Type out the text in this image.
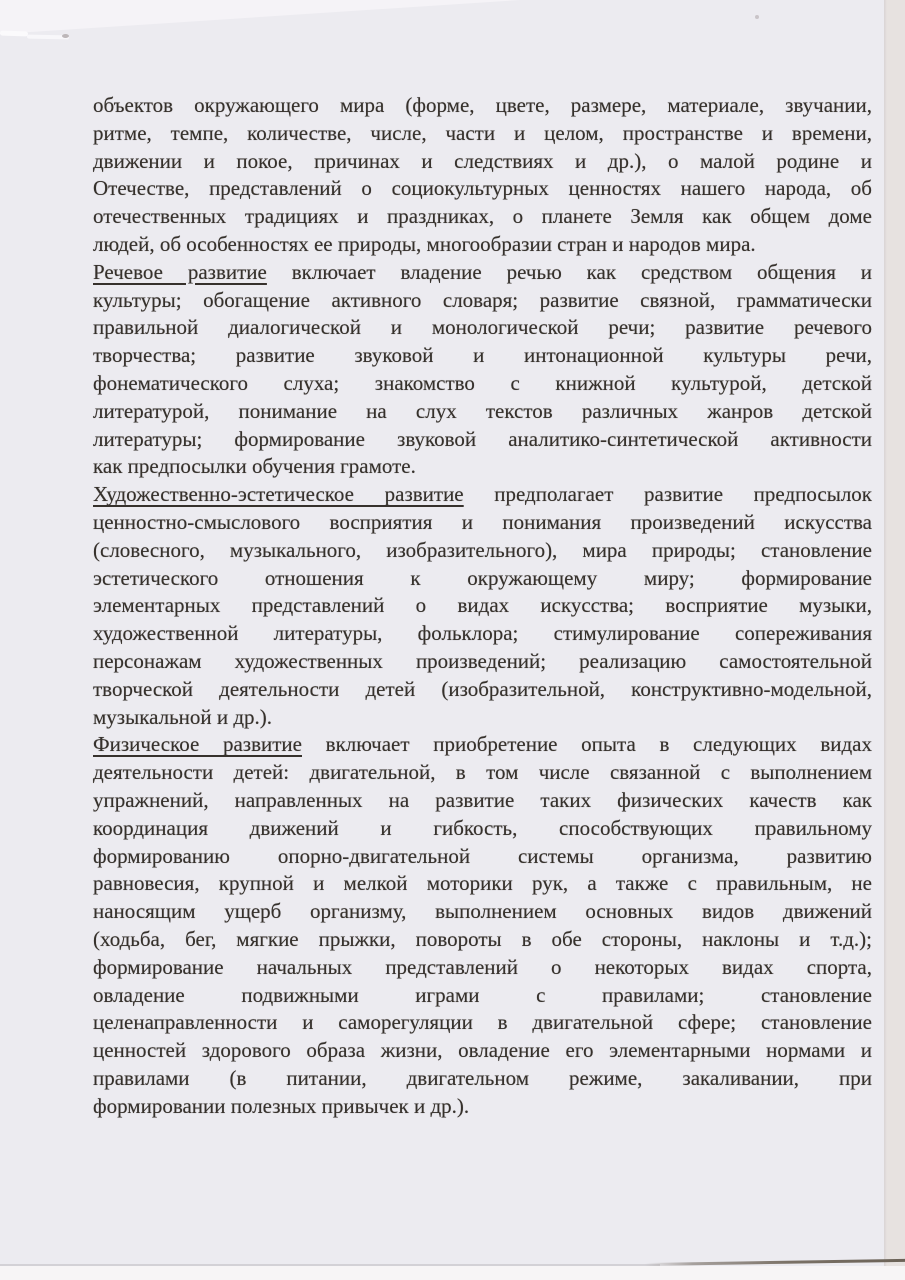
объектов окружающего мира (форме, цвете, размере, материале, звучании,
ритме, темпе, количестве, числе, части и целом, пространстве и времени,
движении и покое, причинах и следствиях и др.), о малой родине и
Отечестве, представлений о социокультурных ценностях нашего народа, об
отечественных традициях и праздниках, о планете Земля как общем доме
людей, об особенностях ее природы, многообразии стран и народов мира.
Речевое развитие включает владение речью как средством общения и
культуры; обогащение активного словаря; развитие связной, грамматически
правильной диалогической и монологической речи; развитие речевого
творчества; развитие звуковой и интонационной культуры речи,
фонематического слуха; знакомство с книжной культурой, детской
литературой, понимание на слух текстов различных жанров детской
литературы; формирование звуковой аналитико-синтетической активности
как предпосылки обучения грамоте.
Художественно-эстетическое развитие предполагает развитие предпосылок
ценностно-смыслового восприятия и понимания произведений искусства
(словесного, музыкального, изобразительного), мира природы; становление
эстетического отношения к окружающему миру; формирование
элементарных представлений о видах искусства; восприятие музыки,
художественной литературы, фольклора; стимулирование сопереживания
персонажам художественных произведений; реализацию самостоятельной
творческой деятельности детей (изобразительной, конструктивно-модельной,
музыкальной и др.).
Физическое развитие включает приобретение опыта в следующих видах
деятельности детей: двигательной, в том числе связанной с выполнением
упражнений, направленных на развитие таких физических качеств как
координация движений и гибкость, способствующих правильному
формированию опорно-двигательной системы организма, развитию
равновесия, крупной и мелкой моторики рук, а также с правильным, не
наносящим ущерб организму, выполнением основных видов движений
(ходьба, бег, мягкие прыжки, повороты в обе стороны, наклоны и т.д.);
формирование начальных представлений о некоторых видах спорта,
овладение подвижными играми с правилами; становление
целенаправленности и саморегуляции в двигательной сфере; становление
ценностей здорового образа жизни, овладение его элементарными нормами и
правилами (в питании, двигательном режиме, закаливании, при
формировании полезных привычек и др.).
